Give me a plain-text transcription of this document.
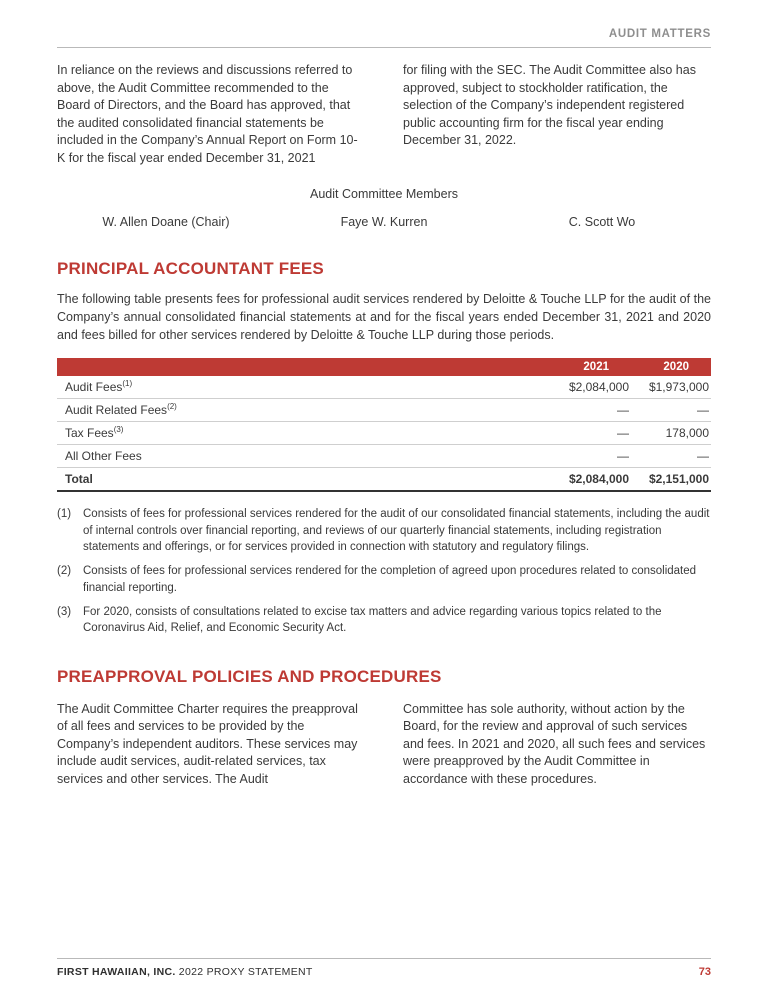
AUDIT MATTERS
In reliance on the reviews and discussions referred to above, the Audit Committee recommended to the Board of Directors, and the Board has approved, that the audited consolidated financial statements be included in the Company’s Annual Report on Form 10-K for the fiscal year ended December 31, 2021
for filing with the SEC. The Audit Committee also has approved, subject to stockholder ratification, the selection of the Company’s independent registered public accounting firm for the fiscal year ending December 31, 2022.
Audit Committee Members
W. Allen Doane (Chair)	Faye W. Kurren	C. Scott Wo
PRINCIPAL ACCOUNTANT FEES
The following table presents fees for professional audit services rendered by Deloitte & Touche LLP for the audit of the Company’s annual consolidated financial statements at and for the fiscal years ended December 31, 2021 and 2020 and fees billed for other services rendered by Deloitte & Touche LLP during those periods.
	2021	2020
Audit Fees$^{(1)}$	$2,084,000	$1,973,000
Audit Related Fees$^{(2)}$	—	—
Tax Fees$^{(3)}$	—	178,000
All Other Fees	—	—
Total	$2,084,000	$2,151,000
(1)	Consists of fees for professional services rendered for the audit of our consolidated financial statements, including the audit of internal controls over financial reporting, and reviews of our quarterly financial statements, including registration statements and offerings, or for services provided in connection with statutory and regulatory filings.
(2)	Consists of fees for professional services rendered for the completion of agreed upon procedures related to consolidated financial reporting.
(3)	For 2020, consists of consultations related to excise tax matters and advice regarding various topics related to the Coronavirus Aid, Relief, and Economic Security Act.
PREAPPROVAL POLICIES AND PROCEDURES
The Audit Committee Charter requires the preapproval of all fees and services to be provided by the Company’s independent auditors. These services may include audit services, audit-related services, tax services and other services. The Audit
Committee has sole authority, without action by the Board, for the review and approval of such services and fees. In 2021 and 2020, all such fees and services were preapproved by the Audit Committee in accordance with these procedures.
FIRST HAWAIIAN, INC. 2022 PROXY STATEMENT	73
